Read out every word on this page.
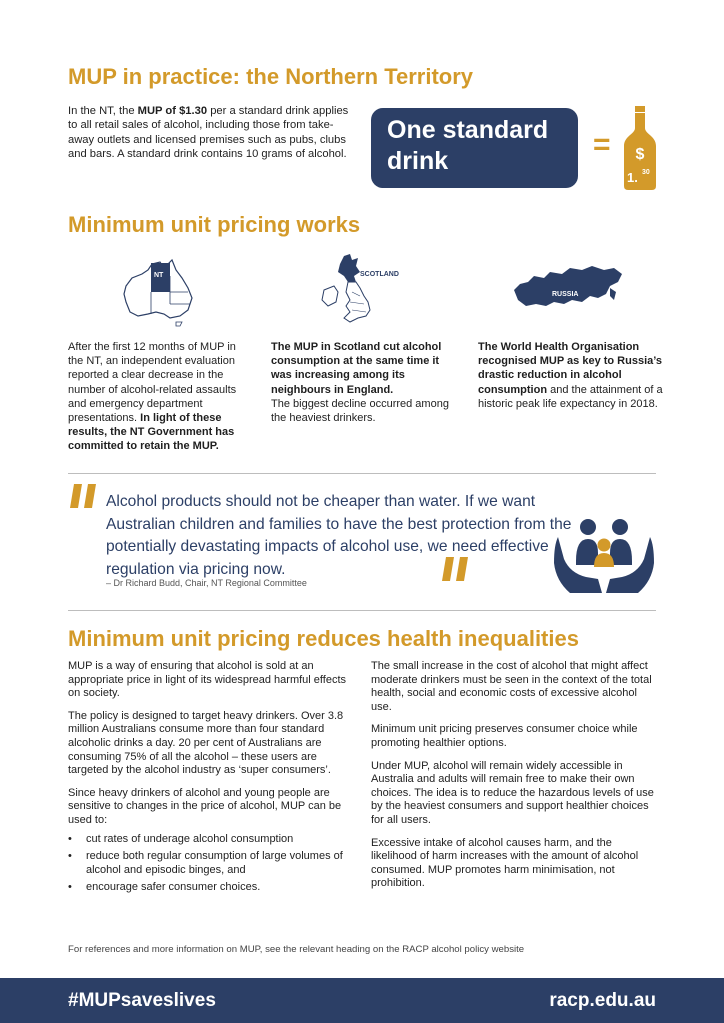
MUP in practice: the Northern Territory

In the NT, the MUP of $1.30 per a standard drink applies to all retail sales of alcohol, including those from take-away outlets and licensed premises such as pubs, clubs and bars. A standard drink contains 10 grams of alcohol.

One standard
drink	= $
1. 30
Minimum unit pricing works
NT	SCOTLAND
RUSSIA

After the first 12 months of MUP in the NT, an independent evaluation reported a clear decrease in the number of alcohol-related assaults and emergency department presentations. In light of these results, the NT Government has committed to retain the MUP.

The MUP in Scotland cut alcohol consumption at the same time it was increasing among its neighbours in England.
The biggest decline occurred among the heaviest drinkers.

The World Health Organisation recognised MUP as key to Russia’s drastic reduction in alcohol consumption and the attainment of a historic peak life expectancy in 2018.

Alcohol products should not be cheaper than water. If we want Australian children and families to have the best protection from the potentially devastating impacts of alcohol use, we need effective regulation via pricing now.

– Dr Richard Budd, Chair, NT Regional Committee

Minimum unit pricing reduces health inequalities

MUP is a way of ensuring that alcohol is sold at an appropriate price in light of its widespread harmful effects on society.

The policy is designed to target heavy drinkers. Over 3.8 million Australians consume more than four standard alcoholic drinks a day. 20 per cent of Australians are consuming 75% of all the alcohol – these users are targeted by the alcohol industry as ‘super consumers’.

Since heavy drinkers of alcohol and young people are sensitive to changes in the price of alcohol, MUP can be used to:

• cut rates of underage alcohol consumption
• reduce both regular consumption of large volumes of alcohol and episodic binges, and
• encourage safer consumer choices.

The small increase in the cost of alcohol that might affect moderate drinkers must be seen in the context of the total health, social and economic costs of excessive alcohol use.

Minimum unit pricing preserves consumer choice while promoting healthier options.

Under MUP, alcohol will remain widely accessible in Australia and adults will remain free to make their own choices. The idea is to reduce the hazardous levels of use by the heaviest consumers and support healthier choices for all users.

Excessive intake of alcohol causes harm, and the likelihood of harm increases with the amount of alcohol consumed. MUP promotes harm minimisation, not prohibition.

For references and more information on MUP, see the relevant heading on the RACP alcohol policy website

#MUPsaveslives	racp.edu.au
